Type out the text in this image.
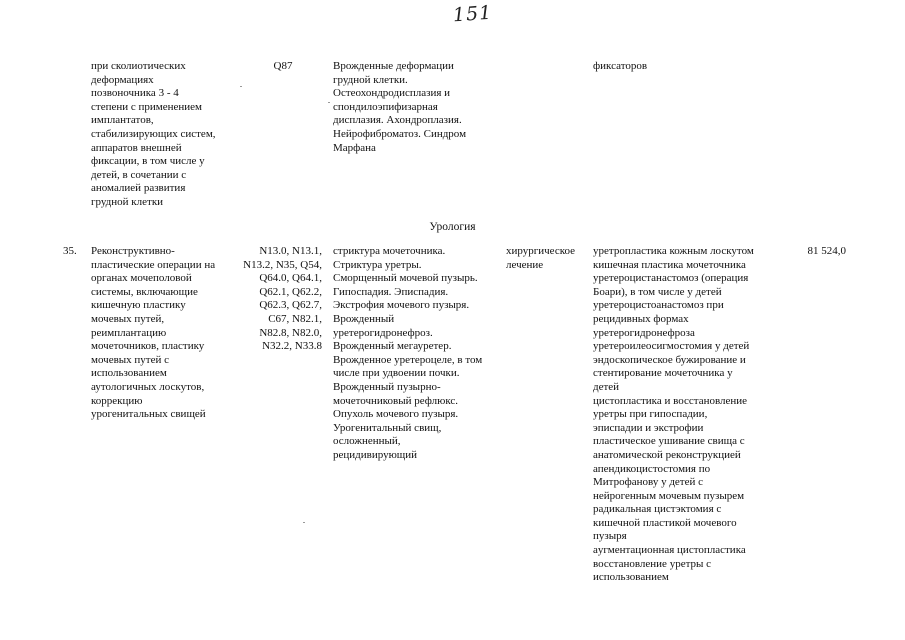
151
при сколиотических
деформациях
позвоночника 3 - 4
степени с применением
имплантатов,
стабилизирующих систем,
аппаратов внешней
фиксации, в том числе у
детей, в сочетании с
аномалией развития
грудной клетки
Q87	Врожденные деформации
грудной клетки.
Остеохондродисплазия и
спондилоэпифизарная
дисплазия. Ахондроплазия.
Нейрофиброматоз. Синдром
Марфана
фиксаторов
Урология
35.	Реконструктивно-
пластические операции на
органах мочеполовой
системы, включающие
кишечную пластику
мочевых путей,
реимплантацию
мочеточников, пластику
мочевых путей с
использованием
аутологичных лоскутов,
коррекцию
урогенитальных свищей
N13.0, N13.1,
N13.2, N35, Q54,
Q64.0, Q64.1,
Q62.1, Q62.2,
Q62.3, Q62.7,
C67, N82.1,
N82.8, N82.0,
N32.2, N33.8
стриктура мочеточника.
Стриктура уретры.
Сморщенный мочевой пузырь.
Гипоспадия. Эписпадия.
Экстрофия мочевого пузыря.
Врожденный
уретерогидронефроз.
Врожденный мегауретер.
Врожденное уретероцеле, в том
числе при удвоении почки.
Врожденный пузырно-
мочеточниковый рефлюкс.
Опухоль мочевого пузыря.
Урогенитальный свищ,
осложненный,
рецидивирующий
хирургическое
лечение
уретропластика кожным лоскутом
кишечная пластика мочеточника
уретероцистанастомоз (операция
Боари), в том числе у детей
уретероцистоанастомоз при
рецидивных формах
уретерогидронефроза
уретероилеосигмостомия у детей
эндоскопическое бужирование и
стентирование мочеточника у
детей
цистопластика и восстановление
уретры при гипоспадии,
эписпадии и экстрофии
пластическое ушивание свища с
анатомической реконструкцией
апендикоцистостомия по
Митрофанову у детей с
нейрогенным мочевым пузырем
радикальная цистэктомия с
кишечной пластикой мочевого
пузыря
aугментационная цистопластика
восстановление уретры с
использованием
81 524,0
